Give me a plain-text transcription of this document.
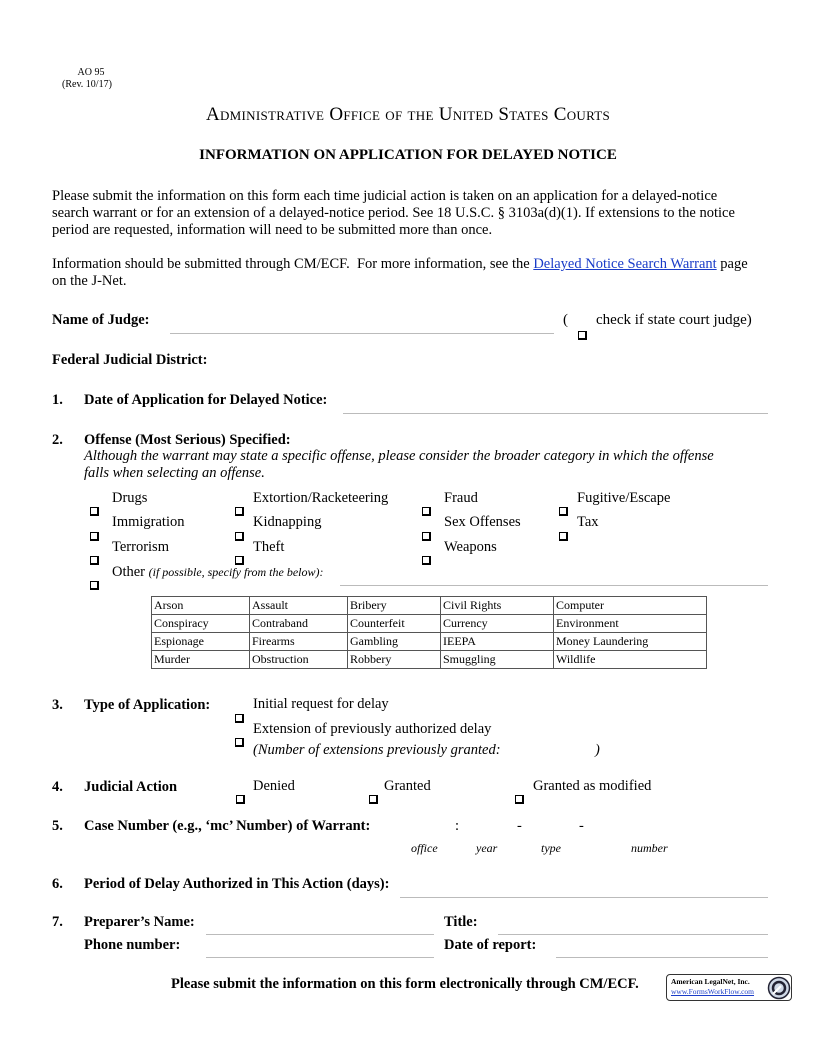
AO 95
(Rev. 10/17)
Administrative Office of the United States Courts
INFORMATION ON APPLICATION FOR DELAYED NOTICE
Please submit the information on this form each time judicial action is taken on an application for a delayed-notice
search warrant or for an extension of a delayed-notice period. See 18 U.S.C. § 3103a(d)(1). If extensions to the notice
period are requested, information will need to be submitted more than once.
Information should be submitted through CM/ECF.  For more information, see the Delayed Notice Search Warrant page
on the J-Net.
Name of Judge:	( check if state court judge)
Federal Judicial District:
1. Date of Application for Delayed Notice:
2. Offense (Most Serious) Specified:
Although the warrant may state a specific offense, please consider the broader category in which the offense
falls when selecting an offense.
Drugs
Immigration
Terrorism
Other (if possible, specify from the below):
Extortion/Racketeering
Kidnapping
Theft
Fraud
Sex Offenses
Weapons
Fugitive/Escape
Tax
Arson	Assault	Bribery	Civil Rights	Computer
Conspiracy	Contraband	Counterfeit	Currency	Environment
Espionage	Firearms	Gambling	IEEPA	Money Laundering
Murder	Obstruction	Robbery	Smuggling	Wildlife
3. Type of Application:	Initial request for delay
Extension of previously authorized delay
(Number of extensions previously granted:	)
4. Judicial Action	Denied	Granted	Granted as modified
5. Case Number (e.g., ‘mc’ Number) of Warrant:	:	-	-
office	year	type	number
6. Period of Delay Authorized in This Action (days):
7. Preparer’s Name:	Title:
Phone number:	Date of report:
Please submit the information on this form electronically through CM/ECF.	American LegalNet, Inc.
www.FormsWorkFlow.com
